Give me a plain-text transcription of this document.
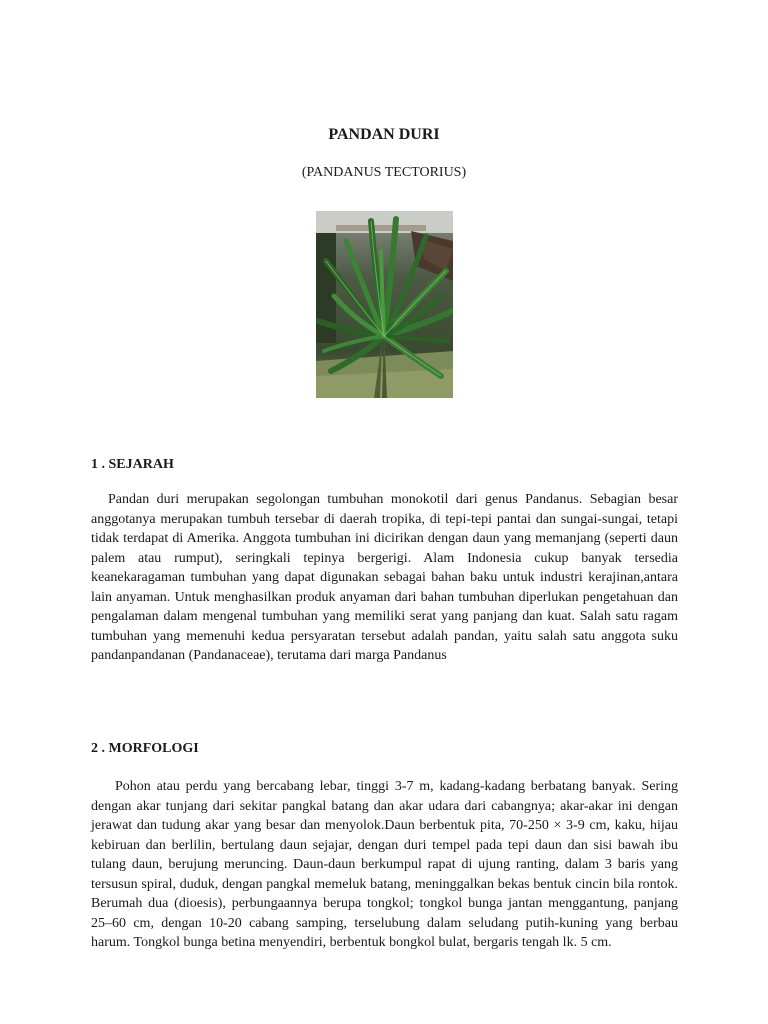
PANDAN DURI
(PANDANUS TECTORIUS)
1 . SEJARAH

Pandan duri merupakan segolongan tumbuhan monokotil dari genus Pandanus. Sebagian besar anggotanya merupakan tumbuh tersebar di daerah tropika, di tepi-tepi pantai dan sungai-sungai, tetapi tidak terdapat di Amerika. Anggota tumbuhan ini dicirikan dengan daun yang memanjang (seperti daun palem atau rumput), seringkali tepinya bergerigi. Alam Indonesia cukup banyak tersedia keanekaragaman tumbuhan yang dapat digunakan sebagai bahan baku untuk industri kerajinan,antara lain anyaman. Untuk menghasilkan produk anyaman dari bahan tumbuhan diperlukan pengetahuan dan pengalaman dalam mengenal tumbuhan yang memiliki serat yang panjang dan kuat. Salah satu ragam tumbuhan yang memenuhi kedua persyaratan tersebut adalah pandan, yaitu salah satu anggota suku pandanpandanan (Pandanaceae), terutama dari marga Pandanus

2 . MORFOLOGI

Pohon atau perdu yang bercabang lebar, tinggi 3-7 m, kadang-kadang berbatang banyak. Sering dengan akar tunjang dari sekitar pangkal batang dan akar udara dari cabangnya; akar-akar ini dengan jerawat dan tudung akar yang besar dan menyolok.Daun berbentuk pita, 70-250 × 3-9 cm, kaku, hijau kebiruan dan berlilin, bertulang daun sejajar, dengan duri tempel pada tepi daun dan sisi bawah ibu tulang daun, berujung meruncing. Daun-daun berkumpul rapat di ujung ranting, dalam 3 baris yang tersusun spiral, duduk, dengan pangkal memeluk batang, meninggalkan bekas bentuk cincin bila rontok. Berumah dua (dioesis), perbungaannya berupa tongkol; tongkol bunga jantan menggantung, panjang 25–60 cm, dengan 10-20 cabang samping, terselubung dalam seludang putih-kuning yang berbau harum. Tongkol bunga betina menyendiri, berbentuk bongkol bulat, bergaris tengah lk. 5 cm.
